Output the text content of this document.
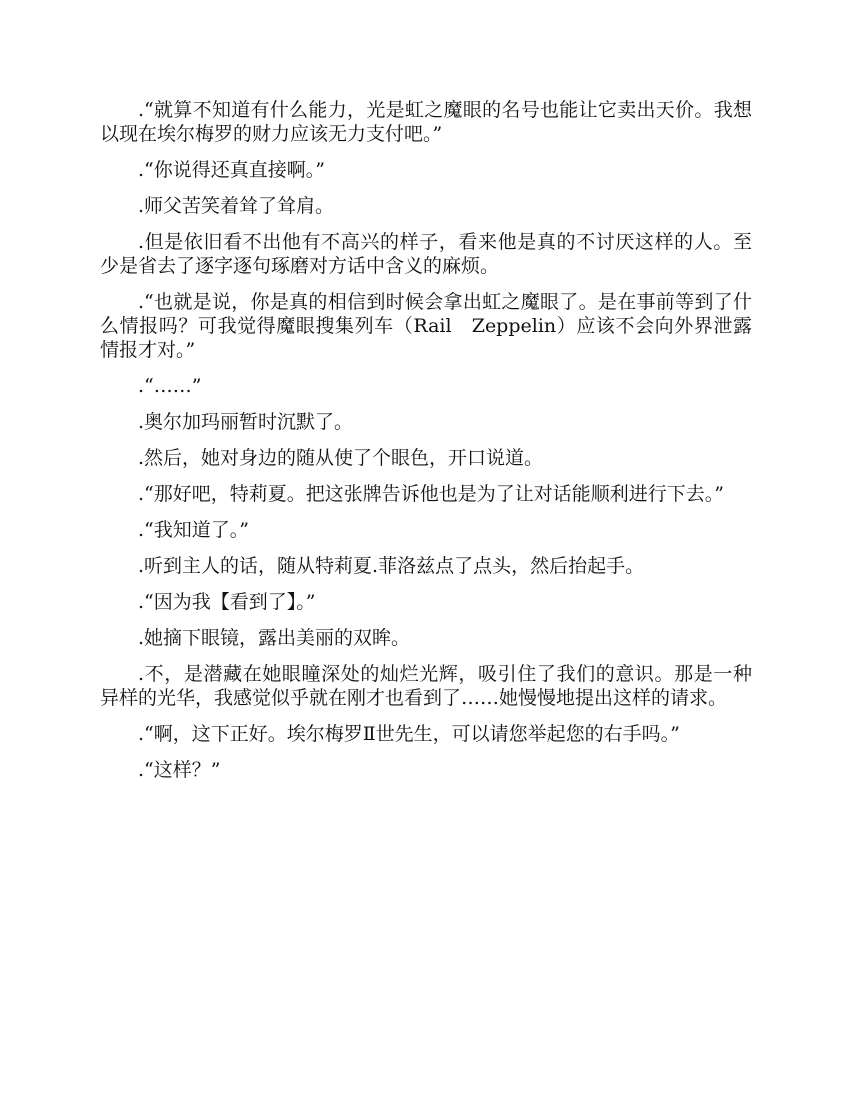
.“就算不知道有什么能力，光是虹之魔眼的名号也能让它卖出天价。我想以现在埃尔梅罗的财力应该无力支付吧。”

.“你说得还真直接啊。”

.师父苦笑着耸了耸肩。

.但是依旧看不出他有不高兴的样子，看来他是真的不讨厌这样的人。至少是省去了逐字逐句琢磨对方话中含义的麻烦。

.“也就是说，你是真的相信到时候会拿出虹之魔眼了。是在事前等到了什么情报吗？可我觉得魔眼搜集列车（Rail　Zeppelin）应该不会向外界泄露情报才对。”

.“……”

.奥尔加玛丽暂时沉默了。

.然后，她对身边的随从使了个眼色，开口说道。

.“那好吧，特莉夏。把这张牌告诉他也是为了让对话能顺利进行下去。”

.“我知道了。”

.听到主人的话，随从特莉夏.菲洛兹点了点头，然后抬起手。

.“因为我【看到了】。”

.她摘下眼镜，露出美丽的双眸。

.不，是潜藏在她眼瞳深处的灿烂光辉，吸引住了我们的意识。那是一种异样的光华，我感觉似乎就在刚才也看到了……她慢慢地提出这样的请求。

.“啊，这下正好。埃尔梅罗Ⅱ世先生，可以请您举起您的右手吗。”

.“这样？”
